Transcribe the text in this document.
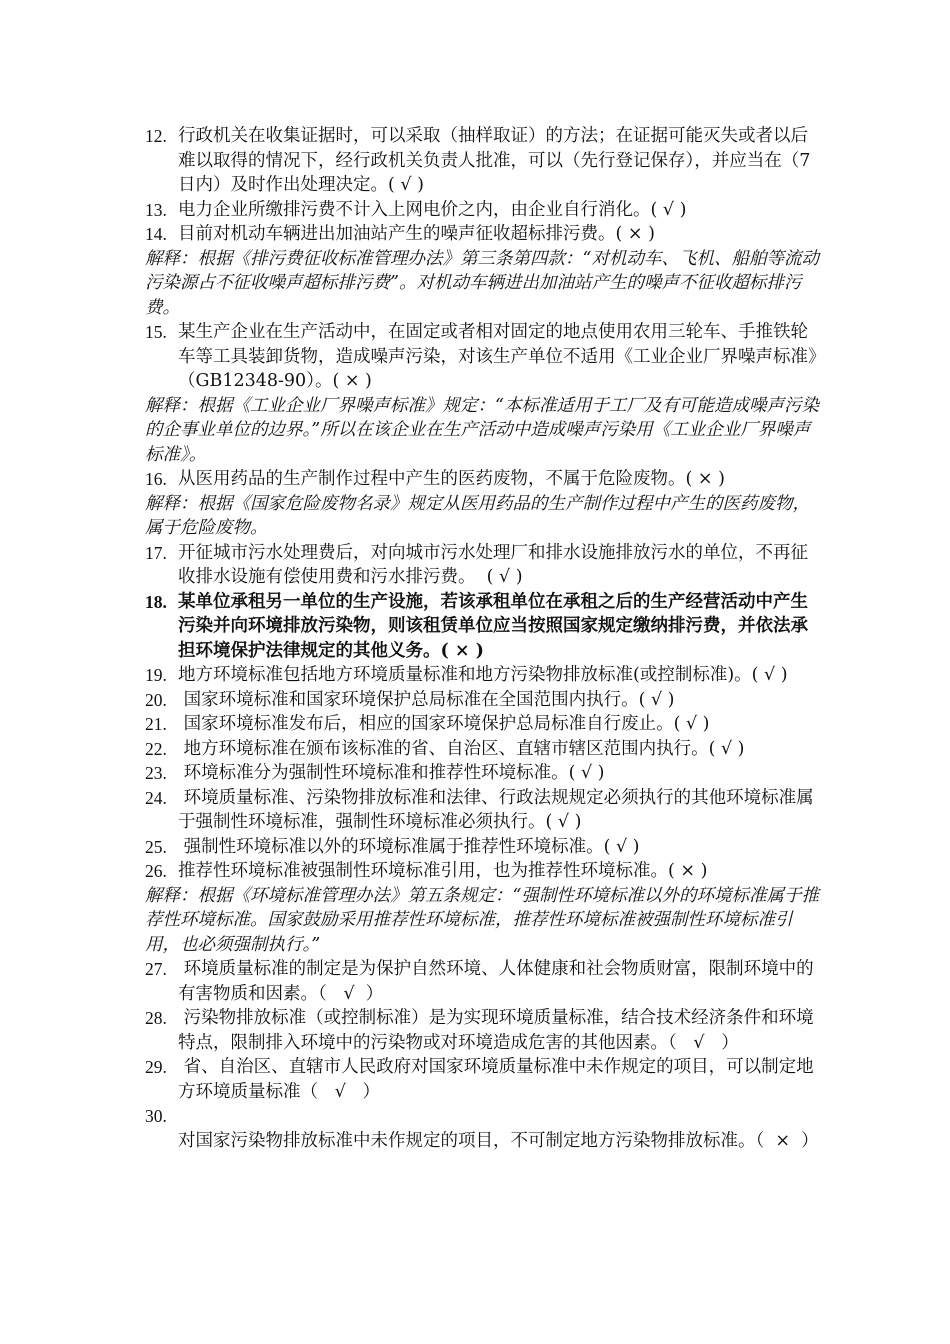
12. 行政机关在收集证据时，可以采取（抽样取证）的方法；在证据可能灭失或者以后难以取得的情况下，经行政机关负责人批准，可以（先行登记保存），并应当在（7 日内）及时作出处理决定。( √ )
13. 电力企业所缴排污费不计入上网电价之内，由企业自行消化。( √ )
14. 目前对机动车辆进出加油站产生的噪声征收超标排污费。( × )
解释：根据《排污费征收标准管理办法》第三条第四款：“对机动车、飞机、船舶等流动污染源占不征收噪声超标排污费”。对机动车辆进出加油站产生的噪声不征收超标排污费。
15. 某生产企业在生产活动中，在固定或者相对固定的地点使用农用三轮车、手推铁轮车等工具装卸货物，造成噪声污染，对该生产单位不适用《工业企业厂界噪声标准》（GB12348-90）。( × )
解释：根据《工业企业厂界噪声标准》规定：“本标准适用于工厂及有可能造成噪声污染的企事业单位的边界。”所以在该企业在生产活动中造成噪声污染用《工业企业厂界噪声标准》。
16. 从医用药品的生产制作过程中产生的医药废物，不属于危险废物。( × )
解释：根据《国家危险废物名录》规定从医用药品的生产制作过程中产生的医药废物，属于危险废物。
17. 开征城市污水处理费后，对向城市污水处理厂和排水设施排放污水的单位，不再征收排水设施有偿使用费和污水排污费。  ( √ )
18. 某单位承租另一单位的生产设施，若该承租单位在承租之后的生产经营活动中产生污染并向环境排放污染物，则该租赁单位应当按照国家规定缴纳排污费，并依法承担环境保护法律规定的其他义务。( × )
19. 地方环境标准包括地方环境质量标准和地方污染物排放标准(或控制标准)。( √ )
20. 国家环境标准和国家环境保护总局标准在全国范围内执行。( √ )
21. 国家环境标准发布后，相应的国家环境保护总局标准自行废止。( √ )
22. 地方环境标准在颁布该标准的省、自治区、直辖市辖区范围内执行。( √ )
23. 环境标准分为强制性环境标准和推荐性环境标准。( √ )
24. 环境质量标准、污染物排放标准和法律、行政法规规定必须执行的其他环境标准属于强制性环境标准，强制性环境标准必须执行。( √ )
25. 强制性环境标准以外的环境标准属于推荐性环境标准。( √ )
26. 推荐性环境标准被强制性环境标准引用，也为推荐性环境标准。( × )
解释：根据《环境标准管理办法》第五条规定：“强制性环境标准以外的环境标准属于推荐性环境标准。国家鼓励采用推荐性环境标准，推荐性环境标准被强制性环境标准引用，也必须强制执行。”
27. 环境质量标准的制定是为保护自然环境、人体健康和社会物质财富，限制环境中的有害物质和因素。（   √  ）
28. 污染物排放标准（或控制标准）是为实现环境质量标准，结合技术经济条件和环境特点，限制排入环境中的污染物或对环境造成危害的其他因素。（   √   ）
29. 省、自治区、直辖市人民政府对国家环境质量标准中未作规定的项目，可以制定地方环境质量标准（   √   ）
30. 对国家污染物排放标准中未作规定的项目，不可制定地方污染物排放标准。（  ×  ）
